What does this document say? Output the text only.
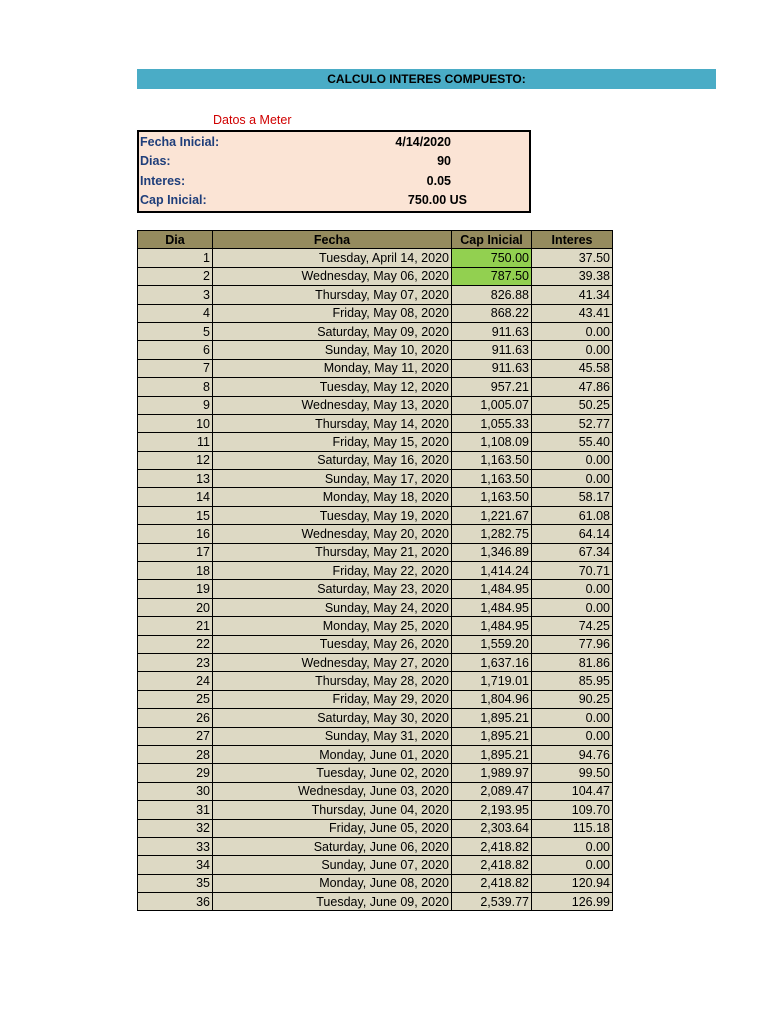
CALCULO INTERES COMPUESTO:
Datos a Meter
Fecha Inicial:	4/14/2020
Dias:	90
Interes:	0.05
Cap Inicial:	750.00 US
Dia	Fecha	Cap Inicial	Interes
1	Tuesday, April 14, 2020	750.00	37.50
2	Wednesday, May 06, 2020	787.50	39.38
3	Thursday, May 07, 2020	826.88	41.34
4	Friday, May 08, 2020	868.22	43.41
5	Saturday, May 09, 2020	911.63	0.00
6	Sunday, May 10, 2020	911.63	0.00
7	Monday, May 11, 2020	911.63	45.58
8	Tuesday, May 12, 2020	957.21	47.86
9	Wednesday, May 13, 2020	1,005.07	50.25
10	Thursday, May 14, 2020	1,055.33	52.77
11	Friday, May 15, 2020	1,108.09	55.40
12	Saturday, May 16, 2020	1,163.50	0.00
13	Sunday, May 17, 2020	1,163.50	0.00
14	Monday, May 18, 2020	1,163.50	58.17
15	Tuesday, May 19, 2020	1,221.67	61.08
16	Wednesday, May 20, 2020	1,282.75	64.14
17	Thursday, May 21, 2020	1,346.89	67.34
18	Friday, May 22, 2020	1,414.24	70.71
19	Saturday, May 23, 2020	1,484.95	0.00
20	Sunday, May 24, 2020	1,484.95	0.00
21	Monday, May 25, 2020	1,484.95	74.25
22	Tuesday, May 26, 2020	1,559.20	77.96
23	Wednesday, May 27, 2020	1,637.16	81.86
24	Thursday, May 28, 2020	1,719.01	85.95
25	Friday, May 29, 2020	1,804.96	90.25
26	Saturday, May 30, 2020	1,895.21	0.00
27	Sunday, May 31, 2020	1,895.21	0.00
28	Monday, June 01, 2020	1,895.21	94.76
29	Tuesday, June 02, 2020	1,989.97	99.50
30	Wednesday, June 03, 2020	2,089.47	104.47
31	Thursday, June 04, 2020	2,193.95	109.70
32	Friday, June 05, 2020	2,303.64	115.18
33	Saturday, June 06, 2020	2,418.82	0.00
34	Sunday, June 07, 2020	2,418.82	0.00
35	Monday, June 08, 2020	2,418.82	120.94
36	Tuesday, June 09, 2020	2,539.77	126.99
